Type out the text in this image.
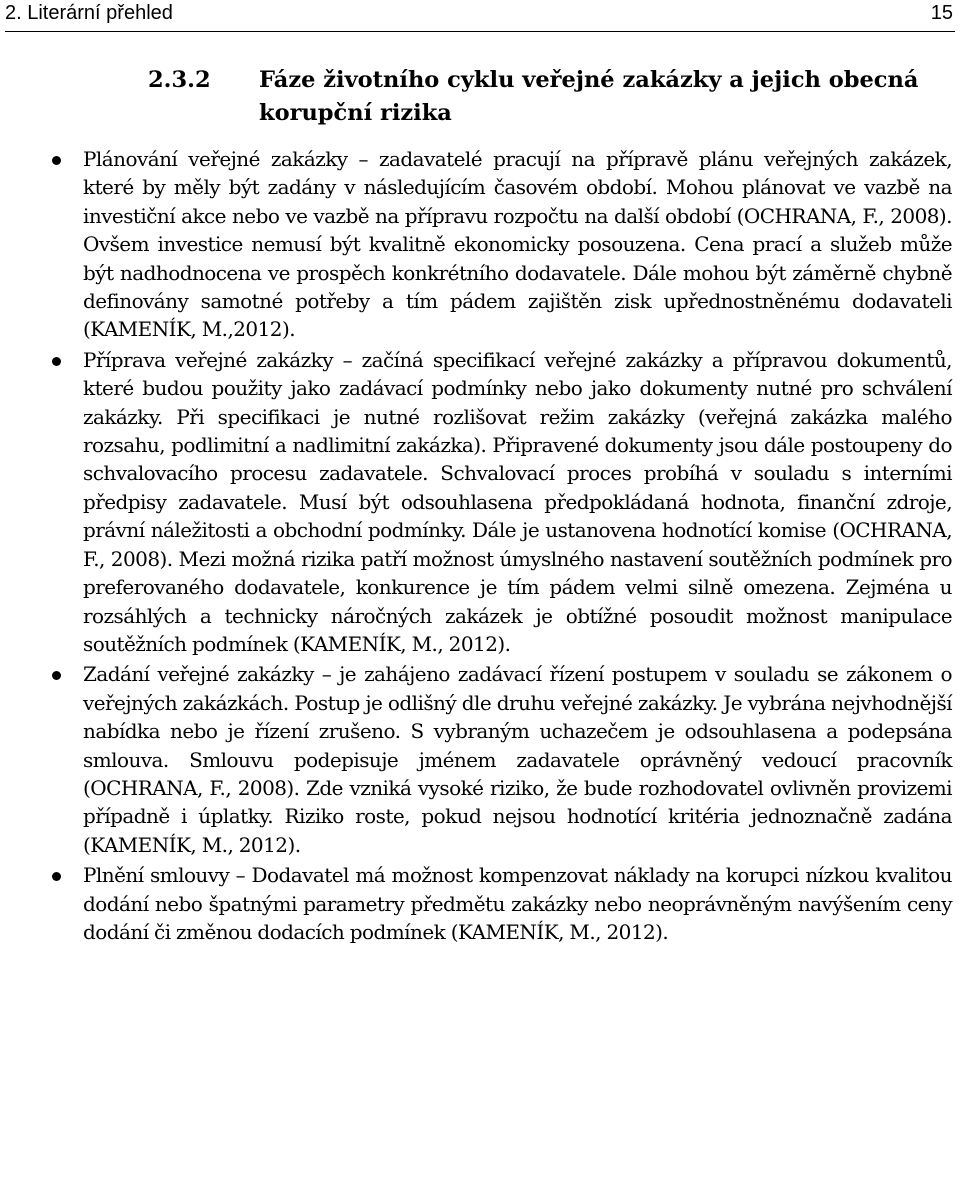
2. Literární přehled	15
2.3.2 Fáze životního cyklu veřejné zakázky a jejich obecná korupční rizika
Plánování veřejné zakázky – zadavatelé pracují na přípravě plánu veřejných zakázek, které by měly být zadány v následujícím časovém období. Mohou plánovat ve vazbě na investiční akce nebo ve vazbě na přípravu rozpočtu na další období (OCHRANA, F., 2008). Ovšem investice nemusí být kvalitně ekonomicky posouzena. Cena prací a služeb může být nadhodnocena ve prospěch konkrétního dodavatele. Dále mohou být záměrně chybně definovány samotné potřeby a tím pádem zajištěn zisk upřednostněnému dodavateli (KAMENÍK, M.,2012).
Příprava veřejné zakázky – začíná specifikací veřejné zakázky a přípravou dokumentů, které budou použity jako zadávací podmínky nebo jako dokumenty nutné pro schválení zakázky. Při specifikaci je nutné rozlišovat režim zakázky (veřejná zakázka malého rozsahu, podlimitní a nadlimitní zakázka). Připravené dokumenty jsou dále postoupeny do schvalovacího procesu zadavatele. Schvalovací proces probíhá v souladu s interními předpisy zadavatele. Musí být odsouhlasena předpokládaná hodnota, finanční zdroje, právní náležitosti a obchodní podmínky. Dále je ustanovena hodnotící komise (OCHRANA, F., 2008). Mezi možná rizika patří možnost úmyslného nastavení soutěžních podmínek pro preferovaného dodavatele, konkurence je tím pádem velmi silně omezena. Zejména u rozsáhlých a technicky náročných zakázek je obtížné posoudit možnost manipulace soutěžních podmínek (KAMENÍK, M., 2012).
Zadání veřejné zakázky – je zahájeno zadávací řízení postupem v souladu se zákonem o veřejných zakázkách. Postup je odlišný dle druhu veřejné zakázky. Je vybrána nejvhodnější nabídka nebo je řízení zrušeno. S vybraným uchazečem je odsouhlasena a podepsána smlouva. Smlouvu podepisuje jménem zadavatele oprávněný vedoucí pracovník (OCHRANA, F., 2008). Zde vzniká vysoké riziko, že bude rozhodovatel ovlivněn provizemi případně i úplatky. Riziko roste, pokud nejsou hodnotící kritéria jednoznačně zadána (KAMENÍK, M., 2012).
Plnění smlouvy – Dodavatel má možnost kompenzovat náklady na korupci nízkou kvalitou dodání nebo špatnými parametry předmětu zakázky nebo neoprávněným navýšením ceny dodání či změnou dodacích podmínek (KAMENÍK, M., 2012).
